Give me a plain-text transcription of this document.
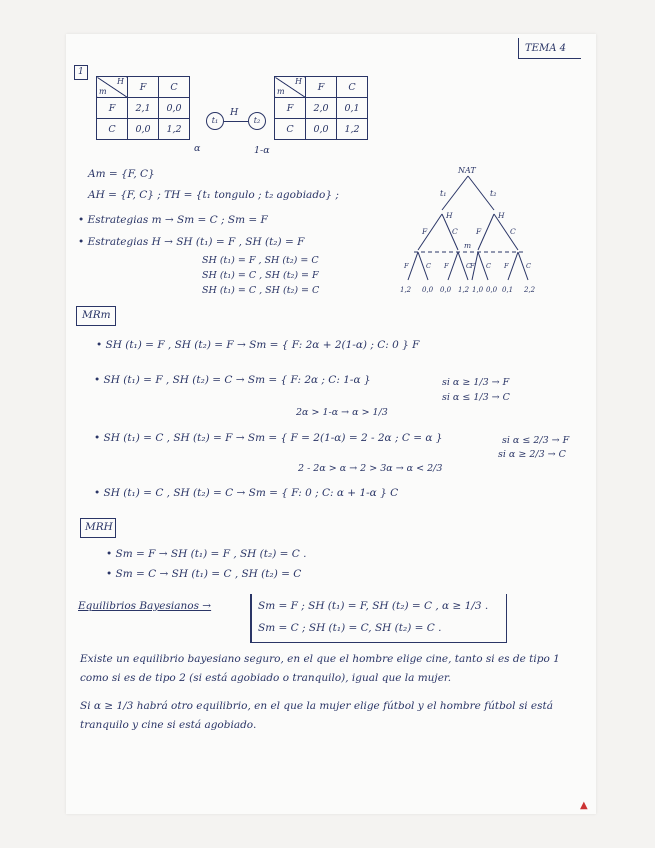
TEMA 4
1
m
H	F	C
F	2,1	0,0
C	0,0	1,2
α
t₁
H
t₂
m
H	F	C
F	2,0	0,1
C	0,0	1,2
1-α
Am = {F, C}
AH = {F, C} ; TH = {t₁ tongulo ; t₂ agobiado} ;
• Estrategias m → Sm = C ; Sm = F
• Estrategias H → SH (t₁) = F , SH (t₂) = F
SH (t₁) = F , SH (t₂) = C
SH (t₁) = C , SH (t₂) = F
SH (t₁) = C , SH (t₂) = C
NAT
t₁	t₂
H	H
F	C F	C
m
F	C F	C F C F	C
1,2 0,0 0,0 1,2 1,0 0,0 0,1 2,2
MRm
• SH (t₁) = F , SH (t₂) = F → Sm = { F: 2α + 2(1-α) ; C: 0 } F
• SH (t₁) = F , SH (t₂) = C → Sm = { F: 2α ; C: 1-α }
2α > 1-α → α > 1/3
si α ≥ 1/3 → F
si α ≤ 1/3 → C
• SH (t₁) = C , SH (t₂) = F → Sm = { F = 2(1-α) = 2 - 2α ; C = α }
2 - 2α > α → 2 > 3α → α < 2/3
si α ≤ 2/3 → F
si α ≥ 2/3 → C
• SH (t₁) = C , SH (t₂) = C → Sm = { F: 0 ; C: α + 1-α } C
MRH
• Sm = F → SH (t₁) = F , SH (t₂) = C .
• Sm = C → SH (t₁) = C , SH (t₂) = C
Equilibrios Bayesianos →	Sm = F ; SH (t₁) = F, SH (t₂) = C , α ≥ 1/3 .
Sm = C ; SH (t₁) = C, SH (t₂) = C .
Existe un equilibrio bayesiano seguro, en el que el hombre elige cine, tanto si es de tipo 1 como si es de tipo 2 (si está agobiado o tranquilo), igual que la mujer.
Si α ≥ 1/3 habrá otro equilibrio, en el que la mujer elige fútbol y el hombre fútbol si está tranquilo y cine si está agobiado.
▲
